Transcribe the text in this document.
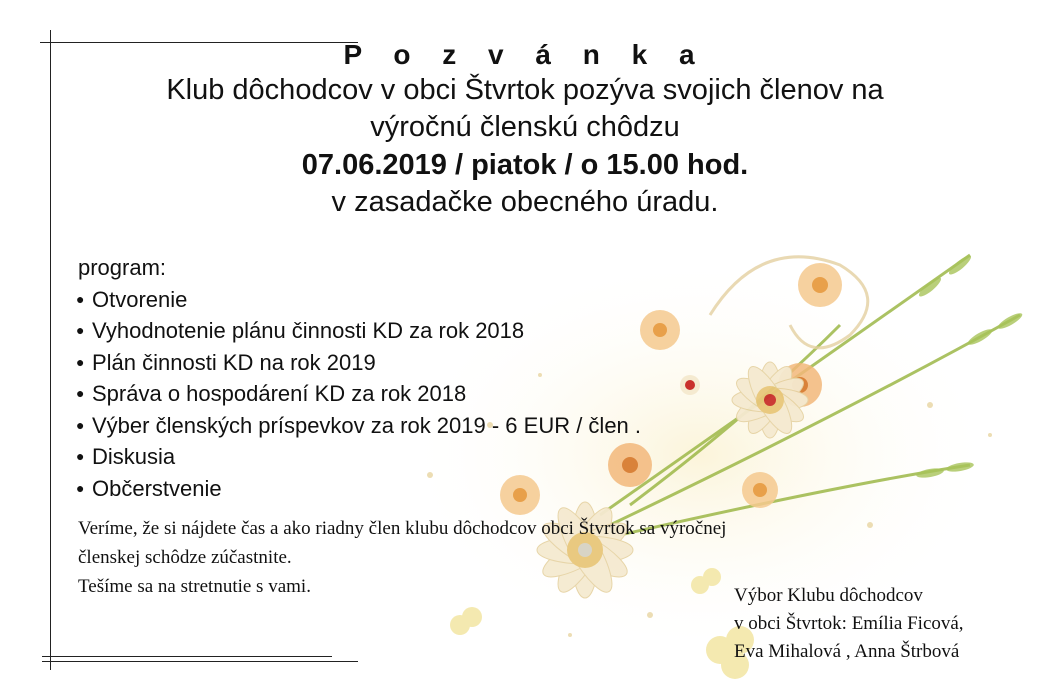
P o z v á n k a
Klub dôchodcov v obci Štvrtok pozýva svojich členov na
výročnú členskú chôdzu
07.06.2019 / piatok / o 15.00 hod.
v zasadačke obecného úradu.
program:
● Otvorenie
● Vyhodnotenie plánu činnosti KD za rok 2018
● Plán činnosti KD na rok 2019
● Správa o hospodárení KD za rok 2018
● Výber členských príspevkov za rok 2019 - 6 EUR / člen .
● Diskusia
● Občerstvenie
Veríme, že si nájdete čas a ako riadny člen klubu dôchodcov obci Štvrtok sa výročnej
členskej schôdze zúčastnite.
Tešíme sa na stretnutie s vami.	Výbor Klubu dôchodcov
v obci Štvrtok: Emília Ficová,
Eva Mihalová , Anna Štrbová
